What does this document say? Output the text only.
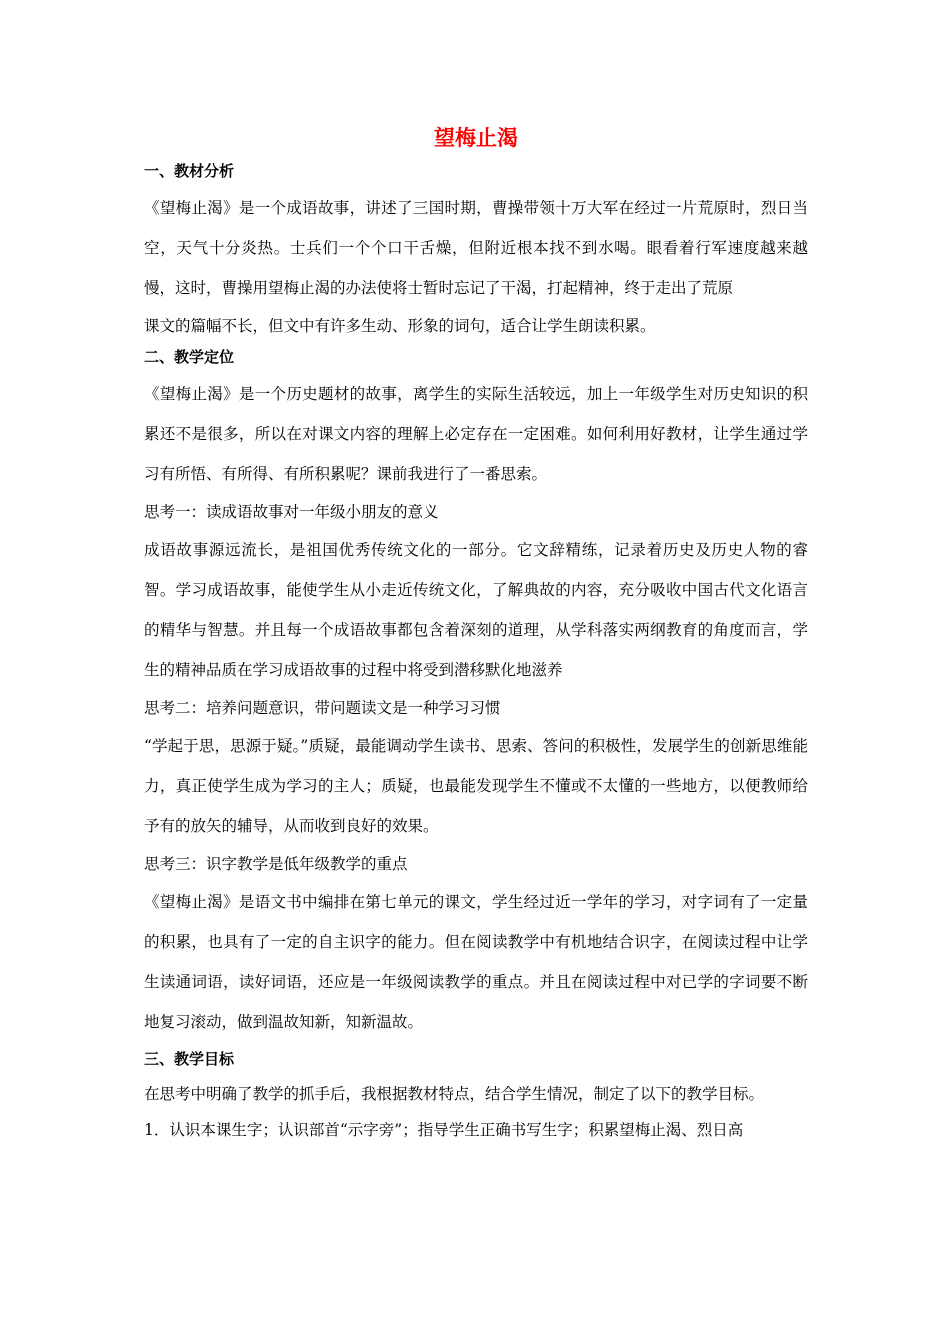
望梅止渴
一、教材分析

《望梅止渴》是一个成语故事，讲述了三国时期，曹操带领十万大军在经过一片荒原时，烈日当空，天气十分炎热。士兵们一个个口干舌燥，但附近根本找不到水喝。眼看着行军速度越来越慢，这时，曹操用望梅止渴的办法使将士暂时忘记了干渴，打起精神，终于走出了荒原

课文的篇幅不长，但文中有许多生动、形象的词句，适合让学生朗读积累。

二、教学定位

《望梅止渴》是一个历史题材的故事，离学生的实际生活较远，加上一年级学生对历史知识的积累还不是很多，所以在对课文内容的理解上必定存在一定困难。如何利用好教材，让学生通过学习有所悟、有所得、有所积累呢？课前我进行了一番思索。

思考一：读成语故事对一年级小朋友的意义

成语故事源远流长，是祖国优秀传统文化的一部分。它文辞精练，记录着历史及历史人物的睿智。学习成语故事，能使学生从小走近传统文化，了解典故的内容，充分吸收中国古代文化语言的精华与智慧。并且每一个成语故事都包含着深刻的道理，从学科落实两纲教育的角度而言，学生的精神品质在学习成语故事的过程中将受到潜移默化地滋养

思考二：培养问题意识，带问题读文是一种学习习惯

“学起于思，思源于疑。”质疑，最能调动学生读书、思索、答问的积极性，发展学生的创新思维能力，真正使学生成为学习的主人；质疑，也最能发现学生不懂或不太懂的一些地方，以便教师给予有的放矢的辅导，从而收到良好的效果。

思考三：识字教学是低年级教学的重点

《望梅止渴》是语文书中编排在第七单元的课文，学生经过近一学年的学习，对字词有了一定量的积累，也具有了一定的自主识字的能力。但在阅读教学中有机地结合识字，在阅读过程中让学生读通词语，读好词语，还应是一年级阅读教学的重点。并且在阅读过程中对已学的字词要不断地复习滚动，做到温故知新，知新温故。

三、教学目标

在思考中明确了教学的抓手后，我根据教材特点，结合学生情况，制定了以下的教学目标。

1．认识本课生字；认识部首“示字旁”；指导学生正确书写生字；积累望梅止渴、烈日高
